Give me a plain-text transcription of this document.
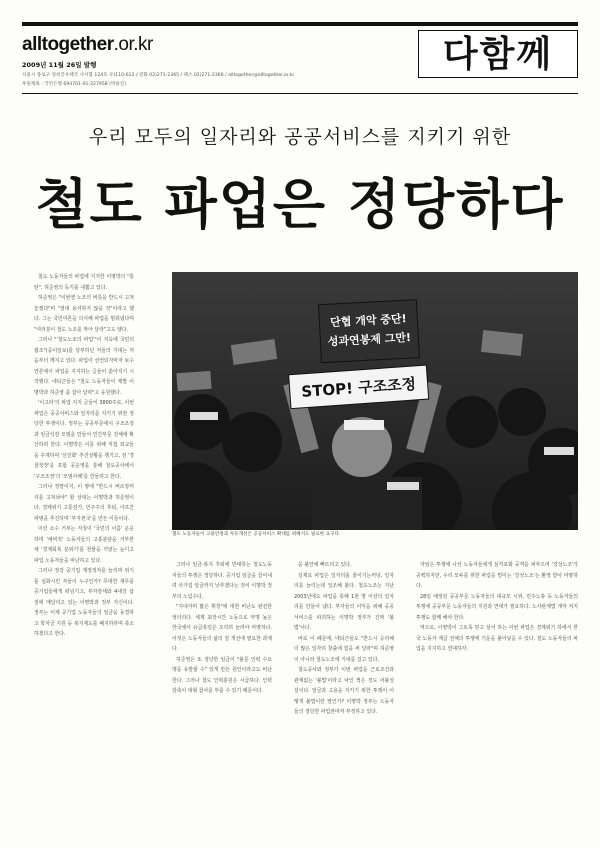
alltogether.or.kr
2009년 11월 26일 발행
서울시 종로구 경희궁우체국 사서함 124호 우)110-612 / 전화 02)271-2365 / 팩스 02)271-2366 / alltogether@alltogether.or.kr
후원계좌 : 국민은행 694701-01-227958 (박용진)
다함께
우리 모두의 일자리와 공공서비스를 지키기 위한
철도 파업은 정당하다

철도 노동자들의 파업에 지지한 이명박의 "통탄", 허준영의 독기를 내뿜고 있다.

허준영은 "이번엔 노조의 버릇을 반드시 고쳐 놓겠다"며 "절대 용서하지 않을 것"이라고 했다. 그는 국민여론을 의식해 파업을 멈춰냈다며 "여러분이 철도 노조를 막아 달라"고도 했다.

그러나 "'철도노조의 파업'"이 지옥에 국민의 협조"(중이일보)를 당부하던 저들의 기대는 처음부터 깨지고 있다. 파업이 선언되자마자 보수언론에서 파업을 지지하는 글들이 쏟아지기 시작했다. 네티즌들은 "철도 노동자들이 제발 이명박과 허준영 좀 잡아 달라"고 응원했다.

'이고라'의 파업 지지 글들이 3800주로, 이번 파업은 공공서비스와 일자리를 지키기 위한 정당한 투쟁이다. 정부는 공공부문에서 구조조정과 임금삭감 모델을 만들어 민간부문 전체에 확산하려 한다. 이명박은 이를 위해 직접 외교들을 주재하며 '선진화' 추진상황을 챙기고, 전 '경찰청장'을 포함 공운영을 통해 철도공사에서 '구조조정'의 '모범사례'를 만들려고 한다.

그러나 정말이지, 이 땅에 "반드시 버르장머리를 고쳐놔야" 할 상대는 이명박과 허준영이다. 경제위기 고통전가, 민주주의 후퇴, 아프간 파병을 추진하며 '부자천국'을 만든 이들이다.

이런 소수 거부는 자칭이 '국민의 이름' 운운하며 '예비적' 노동자들의 고통분담을 거부한 채 '경제회복 분위기'를 찬물을 끼얹는 눈디고 파업 노동자들을 비난하고 있다.

그러나 정작 공기업 재정적자를 늘리며 위기를 심화시킨 자들이 누구인가? 무대한 재무를 공기업들에게 떠넘기고, 부자감세와 4대강 삽질에 매달리고 있는 이명박과 정부 자신이다. 정부는 이제 공기업 노동자들의 임금을 동결하고 학자금 지원 등 복지제도를 폐지하라며 축소하겠다고 한다.

단협 개악 중단!
성과연봉제 그만!
STOP! 구조조정
철도 노동자들이 고용안정과 자유개선은 공공서비스 확대를 위해서도 필요한 요구다.

그러나 임금·복지 후퇴에 반대하는 철도노동자들의 투쟁은 정당하다. 공기업 임금을 끌어내려 사기업 임금까지 낮추겠다는 것이 이명박 정부의 노림수다.

"지내자며 밟은 휘청"에 대한 비난도 완전한 엉터리다. 세계 최장시간 노동으로 악명 높은 한국에서 유급휴일은 오히려 늘려야 마땅하다. 이것은 노동자들의 삶의 질 개선에 필요한 과제다.

허준영은 또 정당한 임금이 "불문 인력 수요 맹을 유발할 수" 있게 만든 원인이라고도 비난한다. 그러나 철도 인력충원은 시급하다. 인력 감축이 대형 참사를 부를 수 있기 때문이다.

을 불안에 빠뜨리고 있다.

실제로 파업은 일자리를 줄이기는커녕, 일자리를 늘리는데 일조해 왔다. 철도노조는 지난 2003년에도 파업을 통해 1천 명 이상의 일자리를 만들어 냈다. 부자들의 이익을 위해 공공서비스를 파괴하는 이명박 정부가 진짜 '불법'이다.

바로 이 때문에, 네티즌들도 "반드시 승리해 더 많은 일자리 창출에 힘을 써 달라"며 허준영이 아니라 철도노조에 기대를 걸고 있다.

철도공사와 정부가 이번 파업을 근로조건과 관계없는 '불법'이라고 낙인 찍은 것도 어불성설이다. 임금과 고용을 지키기 위한 투쟁이 어떻게 불법이란 말인가? 이명박 정부는 노동자들의 정당한 파업권마저 부정하고 있다.

자임은 투쟁에 나선 노동자들에게 심각포화 공격을 퍼부으며 '강성노조'가 공백하지만, 우리 모두를 위한 파업을 벌이는 '강성노조'는 환영 받아 마땅하다.

28일 예정된 공공부문 노동자들의 대규모 시위, 민주노총 등 노동자들의 투쟁에 공공부문 노동자들의 지원과 연대가 필요하다. 노사관계법 개악 저지 투쟁도 함께 해야 한다.

역으로, 이명박이 그토록 믿고 싶어 하는 이번 파업은 경제위기 하에서 한국 노동자 계급 전체의 투쟁에 기운을 불어넣을 수 있다. 철도 노동자들의 파업을 지지하고 연대하자.
